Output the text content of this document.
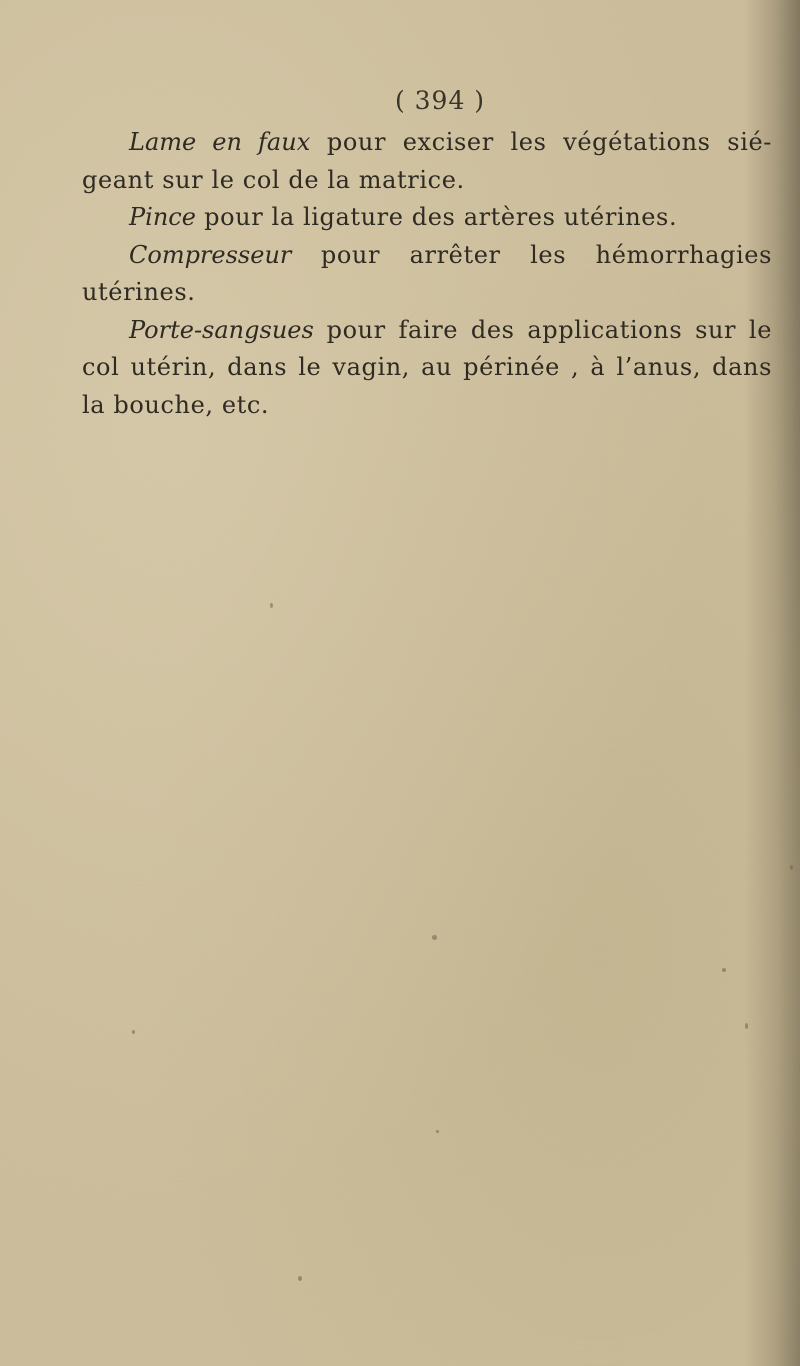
( 394 )

Lame en faux pour exciser les végétations sié-geant sur le col de la matrice.

Pince pour la ligature des artères utérines.

Compresseur pour arrêter les hémorrhagies utérines.

Porte-sangsues pour faire des applications sur le col utérin, dans le vagin, au périnée , à l’anus, dans la bouche, etc.
